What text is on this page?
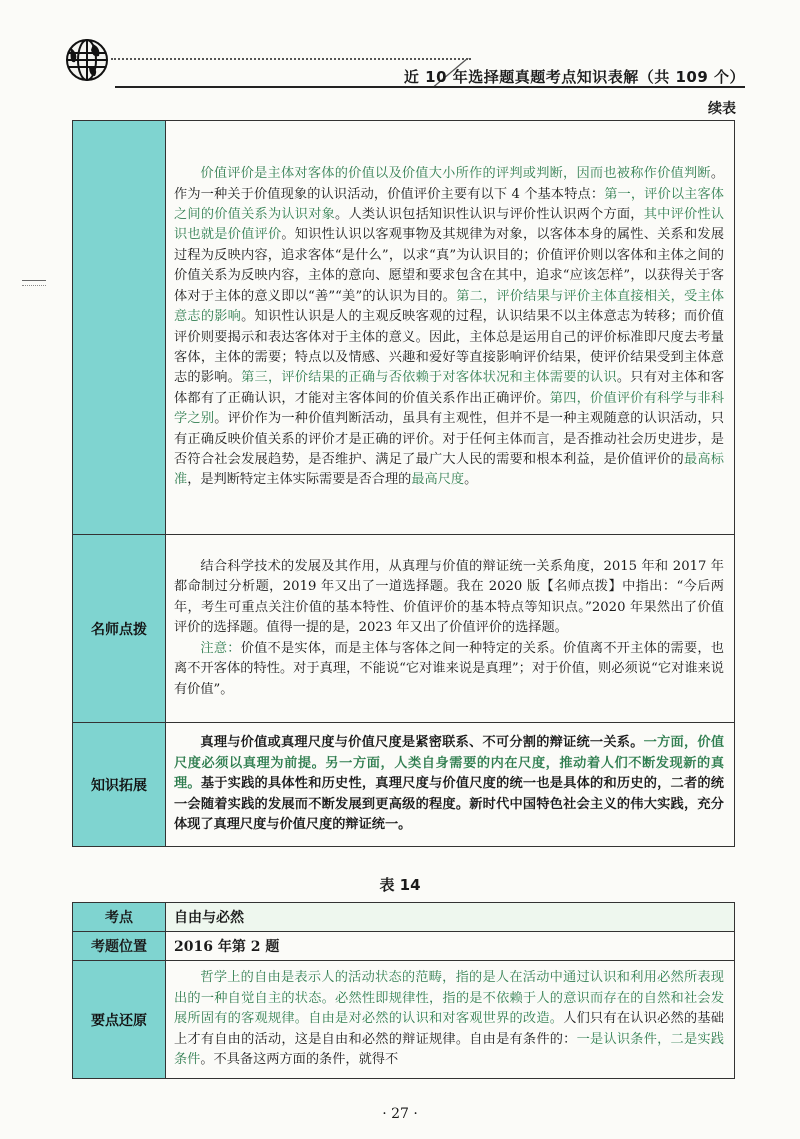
近 10 年选择题真题考点知识表解（共 109 个）
续表

	价值评价是主体对客体的价值以及价值大小所作的评判或判断，因而也被称作价值判断。作为一种关于价值现象的认识活动，价值评价主要有以下 4 个基本特点：第一，评价以主客体之间的价值关系为认识对象。人类认识包括知识性认识与评价性认识两个方面，其中评价性认识也就是价值评价。知识性认识以客观事物及其规律为对象，以客体本身的属性、关系和发展过程为反映内容，追求客体“是什么”，以求“真”为认识目的；价值评价则以客体和主体之间的价值关系为反映内容，主体的意向、愿望和要求包含在其中，追求“应该怎样”，以获得关于客体对于主体的意义即以“善”“美”的认识为目的。第二，评价结果与评价主体直接相关，受主体意志的影响。知识性认识是人的主观反映客观的过程，认识结果不以主体意志为转移；而价值评价则要揭示和表达客体对于主体的意义。因此，主体总是运用自己的评价标准即尺度去考量客体，主体的需要；特点以及情感、兴趣和爱好等直接影响评价结果，使评价结果受到主体意志的影响。第三，评价结果的正确与否依赖于对客体状况和主体需要的认识。只有对主体和客体都有了正确认识，才能对主客体间的价值关系作出正确评价。第四，价值评价有科学与非科学之别。评价作为一种价值判断活动，虽具有主观性，但并不是一种主观随意的认识活动，只有正确反映价值关系的评价才是正确的评价。对于任何主体而言，是否推动社会历史进步，是否符合社会发展趋势，是否维护、满足了最广大人民的需要和根本利益，是价值评价的最高标准，是判断特定主体实际需要是否合理的最高尺度。

名师点拨	结合科学技术的发展及其作用，从真理与价值的辩证统一关系角度，2015 年和 2017 年都命制过分析题，2019 年又出了一道选择题。我在 2020 版【名师点拨】中指出：“今后两年，考生可重点关注价值的基本特性、价值评价的基本特点等知识点。”2020 年果然出了价值评价的选择题。值得一提的是，2023 年又出了价值评价的选择题。

注意：价值不是实体，而是主体与客体之间一种特定的关系。价值离不开主体的需要，也离不开客体的特性。对于真理，不能说“它对谁来说是真理”；对于价值，则必须说“它对谁来说有价值”。

知识拓展	真理与价值或真理尺度与价值尺度是紧密联系、不可分割的辩证统一关系。一方面，价值尺度必须以真理为前提。另一方面，人类自身需要的内在尺度，推动着人们不断发现新的真理。基于实践的具体性和历史性，真理尺度与价值尺度的统一也是具体的和历史的，二者的统一会随着实践的发展而不断发展到更高级的程度。新时代中国特色社会主义的伟大实践，充分体现了真理尺度与价值尺度的辩证统一。

表 14
考点	自由与必然
考题位置	2016 年第 2 题
要点还原	哲学上的自由是表示人的活动状态的范畴，指的是人在活动中通过认识和利用必然所表现出的一种自觉自主的状态。必然性即规律性，指的是不依赖于人的意识而存在的自然和社会发展所固有的客观规律。自由是对必然的认识和对客观世界的改造。人们只有在认识必然的基础上才有自由的活动，这是自由和必然的辩证规律。自由是有条件的：一是认识条件，二是实践条件。不具备这两方面的条件，就得不

· 27 ·
